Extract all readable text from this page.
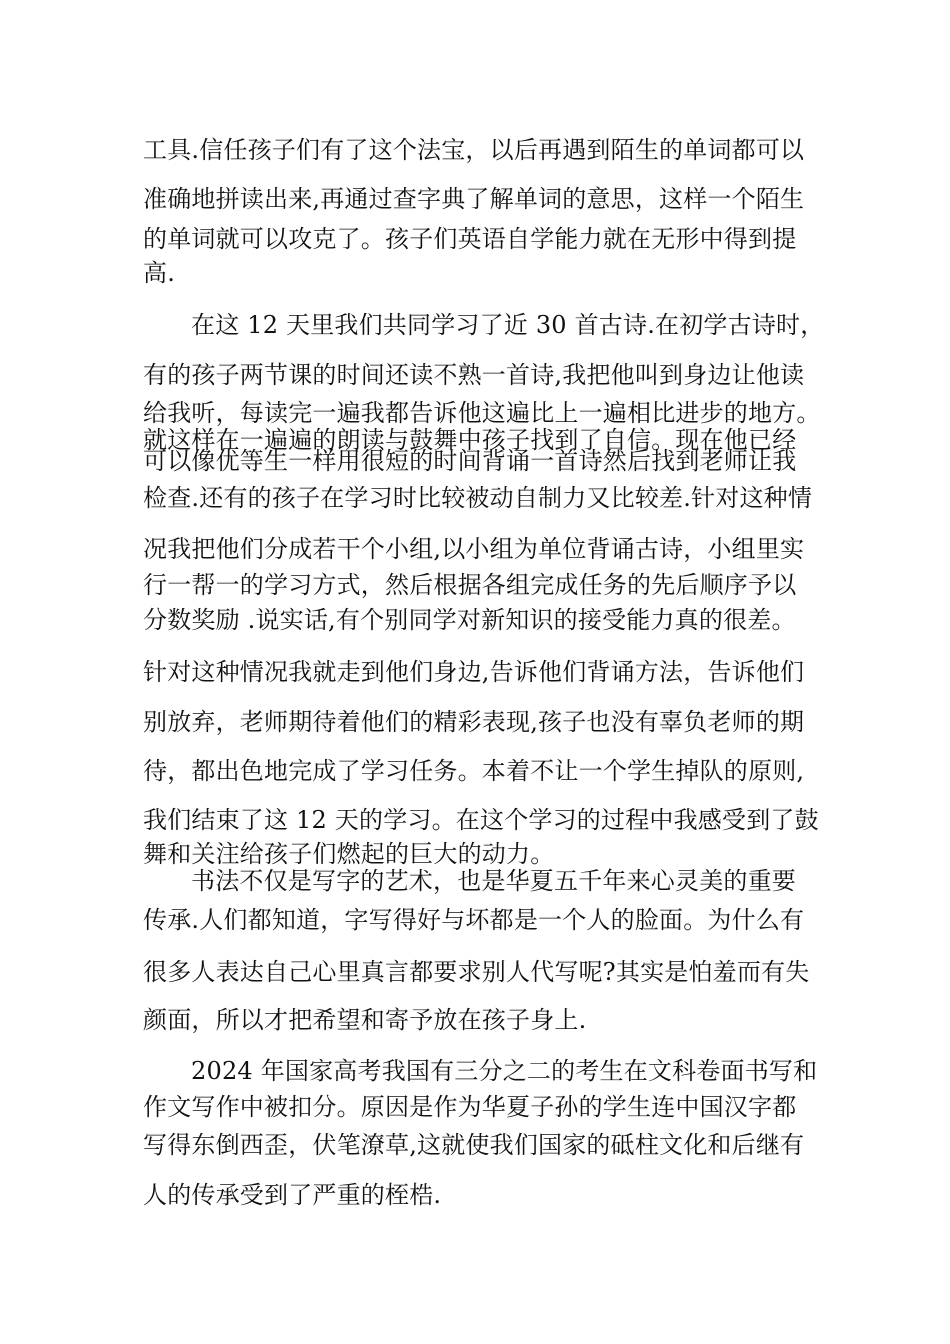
工具.信任孩子们有了这个法宝，以后再遇到陌生的单词都可以
准确地拼读出来,再通过查字典了解单词的意思，这样一个陌生
的单词就可以攻克了。孩子们英语自学能力就在无形中得到提
高.
在这 12 天里我们共同学习了近 30 首古诗.在初学古诗时，
有的孩子两节课的时间还读不熟一首诗,我把他叫到身边让他读
给我听，每读完一遍我都告诉他这遍比上一遍相比进步的地方。
就这样在一遍遍的朗读与鼓舞中孩子找到了自信。现在他已经
可以像优等生一样用很短的时间背诵一首诗然后找到老师让我
检查.还有的孩子在学习时比较被动自制力又比较差.针对这种情
况我把他们分成若干个小组,以小组为单位背诵古诗，小组里实
行一帮一的学习方式，然后根据各组完成任务的先后顺序予以
分数奖励 .说实话,有个别同学对新知识的接受能力真的很差。
针对这种情况我就走到他们身边,告诉他们背诵方法，告诉他们
别放弃，老师期待着他们的精彩表现,孩子也没有辜负老师的期
待，都出色地完成了学习任务。本着不让一个学生掉队的原则,
我们结束了这 12 天的学习。在这个学习的过程中我感受到了鼓
舞和关注给孩子们燃起的巨大的动力。
书法不仅是写字的艺术，也是华夏五千年来心灵美的重要
传承.人们都知道，字写得好与坏都是一个人的脸面。为什么有
很多人表达自己心里真言都要求别人代写呢?其实是怕羞而有失
颜面，所以才把希望和寄予放在孩子身上.
2024 年国家高考我国有三分之二的考生在文科卷面书写和
作文写作中被扣分。原因是作为华夏子孙的学生连中国汉字都
写得东倒西歪，伏笔潦草,这就使我们国家的砥柱文化和后继有
人的传承受到了严重的桎梏.
